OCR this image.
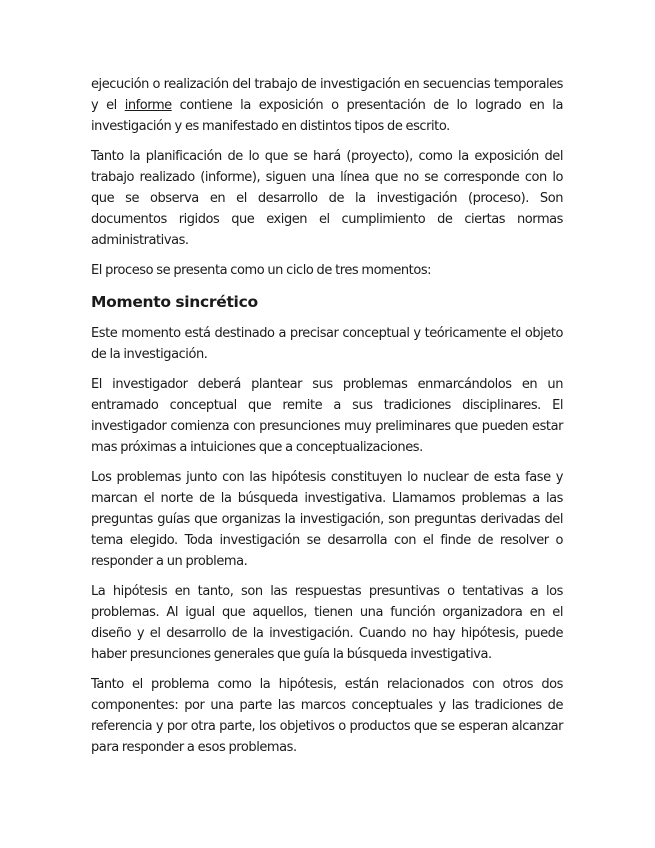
ejecución o realización del trabajo de investigación en secuencias temporales y el informe contiene la exposición o presentación de lo logrado en la investigación y es manifestado en distintos tipos de escrito.

Tanto la planificación de lo que se hará (proyecto), como la exposición del trabajo realizado (informe), siguen una línea que no se corresponde con lo que se observa en el desarrollo de la investigación (proceso). Son documentos rigidos que exigen el cumplimiento de ciertas normas administrativas.

El proceso se presenta como un ciclo de tres momentos:

Momento sincrético

Este momento está destinado a precisar conceptual y teóricamente el objeto de la investigación.

El investigador deberá plantear sus problemas enmarcándolos en un entramado conceptual que remite a sus tradiciones disciplinares. El investigador comienza con presunciones muy preliminares que pueden estar mas próximas a intuiciones que a conceptualizaciones.

Los problemas junto con las hipótesis constituyen lo nuclear de esta fase y marcan el norte de la búsqueda investigativa. Llamamos problemas a las preguntas guías que organizas la investigación, son preguntas derivadas del tema elegido. Toda investigación se desarrolla con el finde de resolver o responder a un problema.

La hipótesis en tanto, son las respuestas presuntivas o tentativas a los problemas. Al igual que aquellos, tienen una función organizadora en el diseño y el desarrollo de la investigación. Cuando no hay hipótesis, puede haber presunciones generales que guía la búsqueda investigativa.

Tanto el problema como la hipótesis, están relacionados con otros dos componentes: por una parte las marcos conceptuales y las tradiciones de referencia y por otra parte, los objetivos o productos que se esperan alcanzar para responder a esos problemas.
